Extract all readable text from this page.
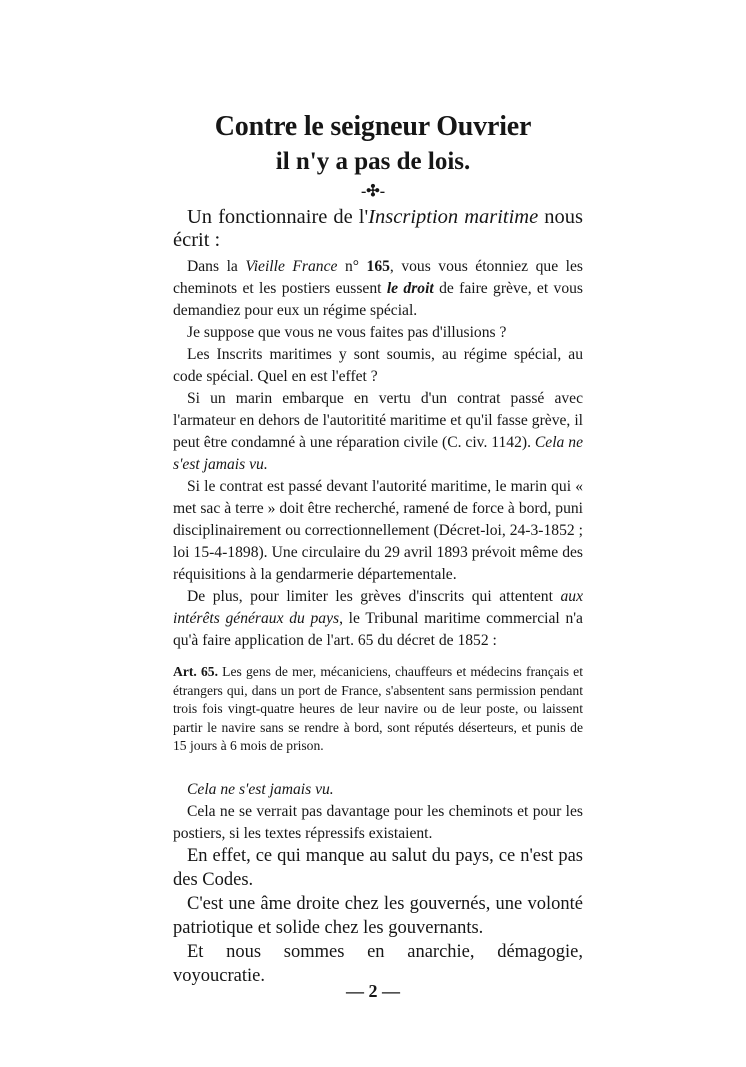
Contre le seigneur Ouvrier
il n'y a pas de lois.
-✣-

Un fonctionnaire de l'Inscription maritime nous écrit :

Dans la Vieille France n° 165, vous vous étonniez que les cheminots et les postiers eussent le droit de faire grève, et vous demandiez pour eux un régime spécial.

Je suppose que vous ne vous faites pas d'illusions ?

Les Inscrits maritimes y sont soumis, au régime spécial, au code spécial. Quel en est l'effet ?

Si un marin embarque en vertu d'un contrat passé avec l'armateur en dehors de l'autoritité maritime et qu'il fasse grève, il peut être condamné à une réparation civile (C. civ. 1142). Cela ne s'est jamais vu.

Si le contrat est passé devant l'autorité maritime, le marin qui « met sac à terre » doit être recherché, ramené de force à bord, puni disciplinairement ou correctionnellement (Décret-loi, 24-3-1852 ; loi 15-4-1898). Une circulaire du 29 avril 1893 prévoit même des réquisitions à la gendarmerie départementale.

De plus, pour limiter les grèves d'inscrits qui attentent aux intérêts généraux du pays, le Tribunal maritime commercial n'a qu'à faire application de l'art. 65 du décret de 1852 :

Art. 65. Les gens de mer, mécaniciens, chauffeurs et médecins français et étrangers qui, dans un port de France, s'absentent sans permission pendant trois fois vingt-quatre heures de leur navire ou de leur poste, ou laissent partir le navire sans se rendre à bord, sont réputés déserteurs, et punis de 15 jours à 6 mois de prison.

Cela ne s'est jamais vu.

Cela ne se verrait pas davantage pour les cheminots et pour les postiers, si les textes répressifs existaient.

En effet, ce qui manque au salut du pays, ce n'est pas des Codes.

C'est une âme droite chez les gouvernés, une volonté patriotique et solide chez les gouvernants.

Et nous sommes en anarchie, démagogie, voyoucratie.

— 2 —
